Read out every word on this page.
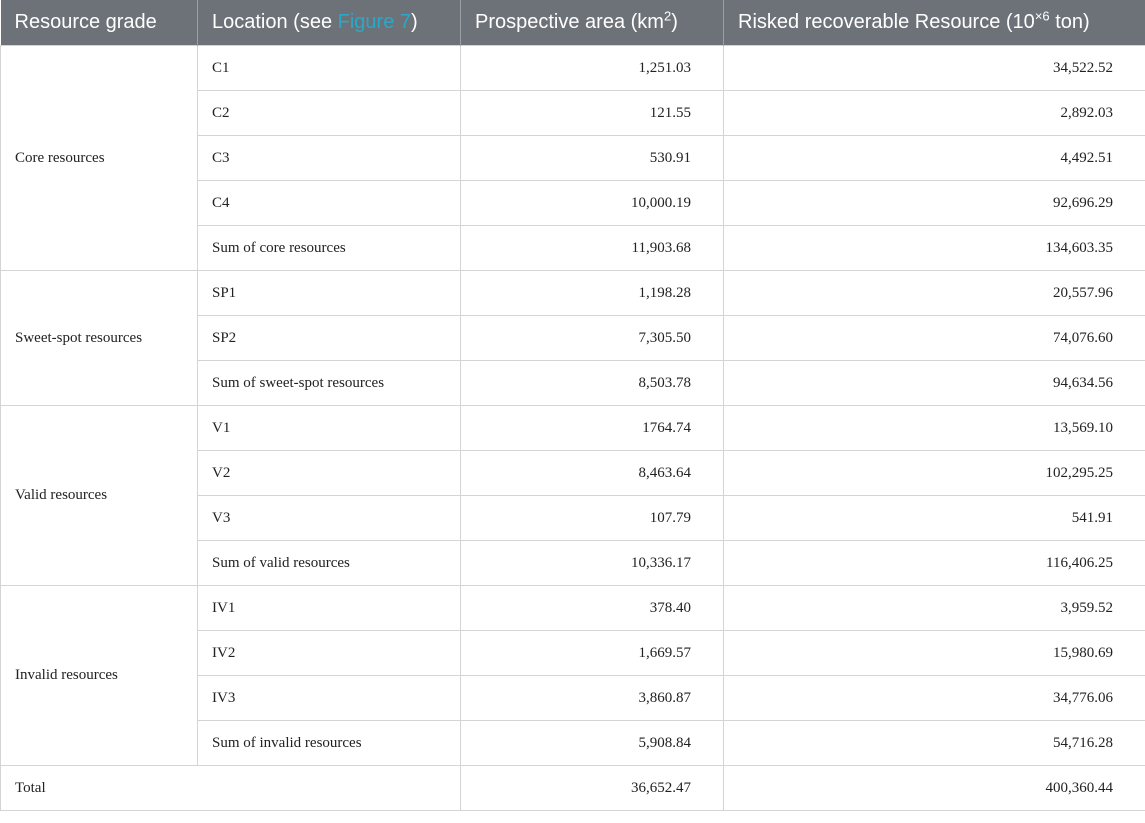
Resource grade	Location (see Figure 7)	Prospective area $(km^2)$	Risked recoverable Resource ($10^{\times 6}$ ton)
Core resources	C1	1,251.03	34,522.52
	C2	121.55	2,892.03
	C3	530.91	4,492.51
	C4	10,000.19	92,696.29
	Sum of core resources	11,903.68	134,603.35
Sweet-spot resources	SP1	1,198.28	20,557.96
	SP2	7,305.50	74,076.60
	Sum of sweet-spot resources	8,503.78	94,634.56
Valid resources	V1	1764.74	13,569.10
	V2	8,463.64	102,295.25
	V3	107.79	541.91
	Sum of valid resources	10,336.17	116,406.25
Invalid resources	IV1	378.40	3,959.52
	IV2	1,669.57	15,980.69
	IV3	3,860.87	34,776.06
	Sum of invalid resources	5,908.84	54,716.28
Total		36,652.47	400,360.44
